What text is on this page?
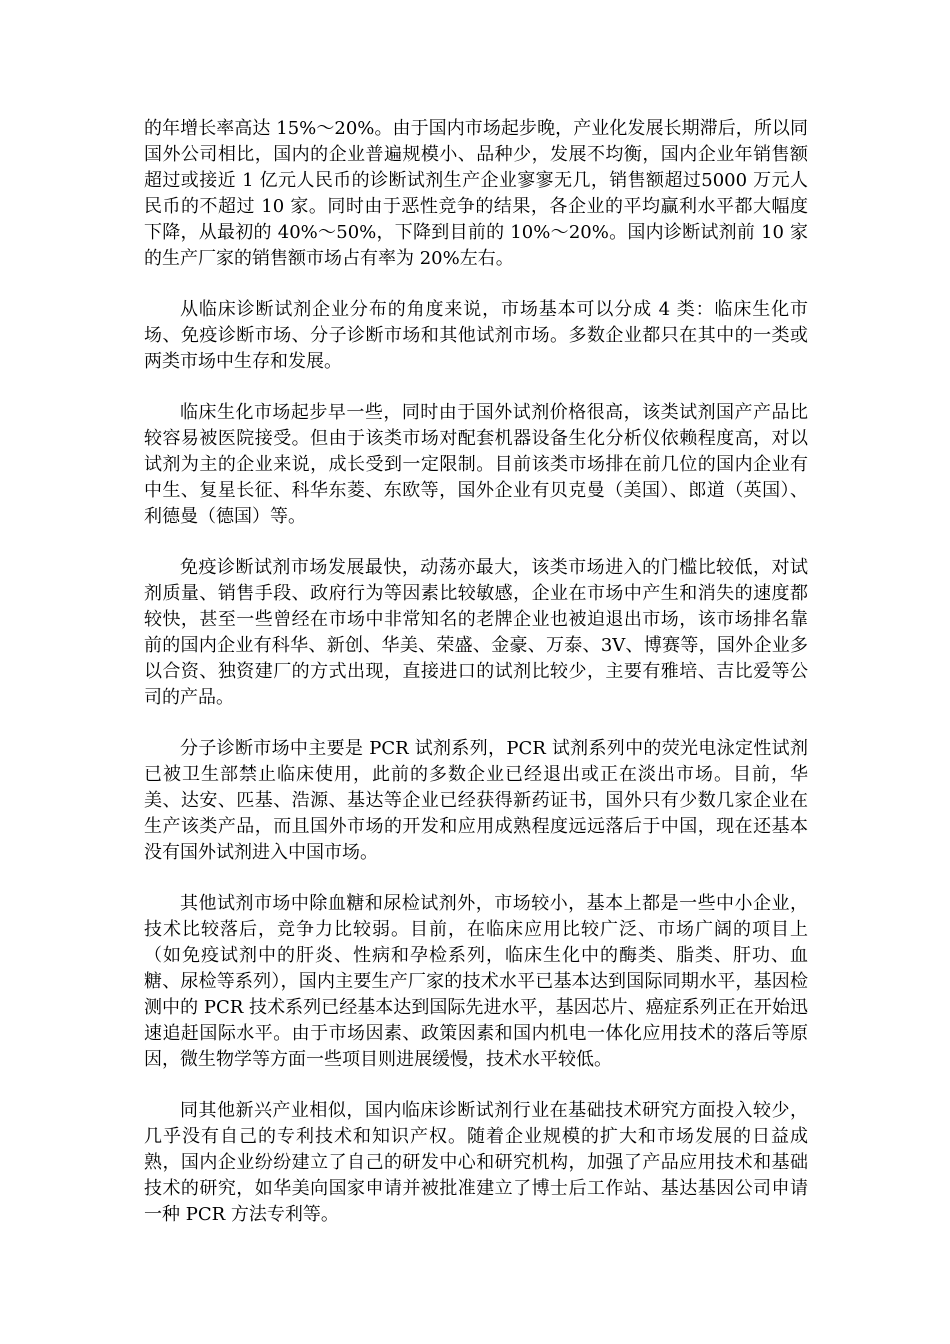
的年增长率高达 15%～20%。由于国内市场起步晚，产业化发展长期滞后，所以同国外公司相比，国内的企业普遍规模小、品种少，发展不均衡，国内企业年销售额超过或接近 1 亿元人民币的诊断试剂生产企业寥寥无几，销售额超过5000 万元人民币的不超过 10 家。同时由于恶性竞争的结果，各企业的平均赢利水平都大幅度下降，从最初的 40%～50%，下降到目前的 10%～20%。国内诊断试剂前 10 家的生产厂家的销售额市场占有率为 20%左右。

从临床诊断试剂企业分布的角度来说，市场基本可以分成 4 类：临床生化市场、免疫诊断市场、分子诊断市场和其他试剂市场。多数企业都只在其中的一类或两类市场中生存和发展。

临床生化市场起步早一些，同时由于国外试剂价格很高，该类试剂国产产品比较容易被医院接受。但由于该类市场对配套机器设备生化分析仪依赖程度高，对以试剂为主的企业来说，成长受到一定限制。目前该类市场排在前几位的国内企业有中生、复星长征、科华东菱、东欧等，国外企业有贝克曼（美国）、郎道（英国）、利德曼（德国）等。

免疫诊断试剂市场发展最快，动荡亦最大，该类市场进入的门槛比较低，对试剂质量、销售手段、政府行为等因素比较敏感，企业在市场中产生和消失的速度都较快，甚至一些曾经在市场中非常知名的老牌企业也被迫退出市场，该市场排名靠前的国内企业有科华、新创、华美、荣盛、金豪、万泰、3V、博赛等，国外企业多以合资、独资建厂的方式出现，直接进口的试剂比较少，主要有雅培、吉比爱等公司的产品。

分子诊断市场中主要是 PCR 试剂系列，PCR 试剂系列中的荧光电泳定性试剂已被卫生部禁止临床使用，此前的多数企业已经退出或正在淡出市场。目前，华美、达安、匹基、浩源、基达等企业已经获得新药证书，国外只有少数几家企业在生产该类产品，而且国外市场的开发和应用成熟程度远远落后于中国，现在还基本没有国外试剂进入中国市场。

其他试剂市场中除血糖和尿检试剂外，市场较小，基本上都是一些中小企业，技术比较落后，竞争力比较弱。目前，在临床应用比较广泛、市场广阔的项目上（如免疫试剂中的肝炎、性病和孕检系列，临床生化中的酶类、脂类、肝功、血糖、尿检等系列），国内主要生产厂家的技术水平已基本达到国际同期水平，基因检测中的 PCR 技术系列已经基本达到国际先进水平，基因芯片、癌症系列正在开始迅速追赶国际水平。由于市场因素、政策因素和国内机电一体化应用技术的落后等原因，微生物学等方面一些项目则进展缓慢，技术水平较低。

同其他新兴产业相似，国内临床诊断试剂行业在基础技术研究方面投入较少，几乎没有自己的专利技术和知识产权。随着企业规模的扩大和市场发展的日益成熟，国内企业纷纷建立了自己的研发中心和研究机构，加强了产品应用技术和基础技术的研究，如华美向国家申请并被批准建立了博士后工作站、基达基因公司申请一种 PCR 方法专利等。
